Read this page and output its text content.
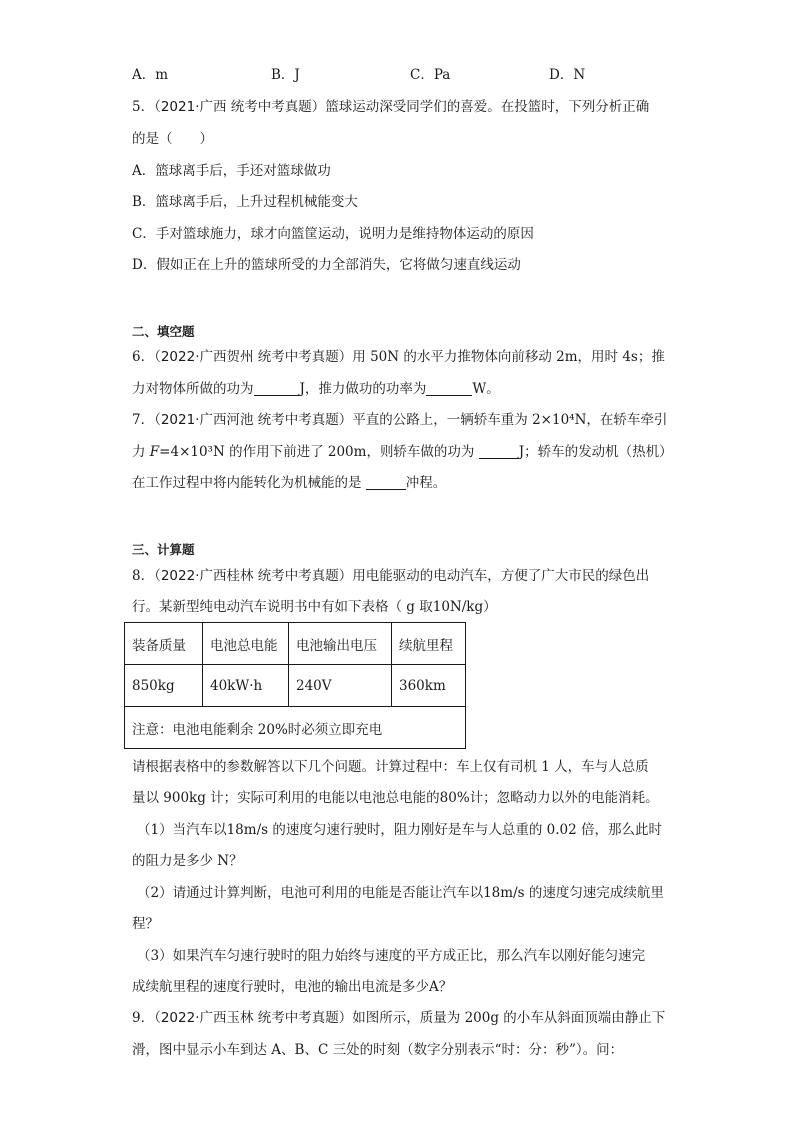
A．m	B．J	C．Pa	D．N
5．（2021·广西 统考中考真题）篮球运动深受同学们的喜爱。在投篮时，下列分析正确
的是（　　）
A．篮球离手后，手还对篮球做功
B．篮球离手后，上升过程机械能变大
C．手对篮球施力，球才向篮筐运动，说明力是维持物体运动的原因
D．假如正在上升的篮球所受的力全部消失，它将做匀速直线运动
二、填空题
6．（2022·广西贺州 统考中考真题）用 50N 的水平力推物体向前移动 2m，用时 4s；推
力对物体所做的功为	J，推力做功的功率为	W。
7．（2021·广西河池 统考中考真题）平直的公路上，一辆轿车重为 2×10⁴N，在轿车牵引
力 F=4×10³N 的作用下前进了 200m，则轿车做的功为	J；轿车的发动机（热机）
在工作过程中将内能转化为机械能的是	冲程。
三、计算题
8．（2022·广西桂林 统考中考真题）用电能驱动的电动汽车，方便了广大市民的绿色出
行。某新型纯电动汽车说明书中有如下表格（ g 取10N/kg）
装备质量	电池总电能	电池输出电压	续航里程
850kg	40kW·h	240V	360km
注意：电池电能剩余 20%时必须立即充电			
请根据表格中的参数解答以下几个问题。计算过程中：车上仅有司机 1 人，车与人总质
量以 900kg 计；实际可利用的电能以电池总电能的80%计；忽略动力以外的电能消耗。
（1）当汽车以18m/s 的速度匀速行驶时，阻力刚好是车与人总重的 0.02 倍，那么此时
的阻力是多少 N？
（2）请通过计算判断，电池可利用的电能是否能让汽车以18m/s 的速度匀速完成续航里
程？
（3）如果汽车匀速行驶时的阻力始终与速度的平方成正比，那么汽车以刚好能匀速完
成续航里程的速度行驶时，电池的输出电流是多少A？
9．（2022·广西玉林 统考中考真题）如图所示，质量为 200g 的小车从斜面顶端由静止下
滑，图中显示小车到达 A、B、C 三处的时刻（数字分别表示“时：分：秒”）。问：
